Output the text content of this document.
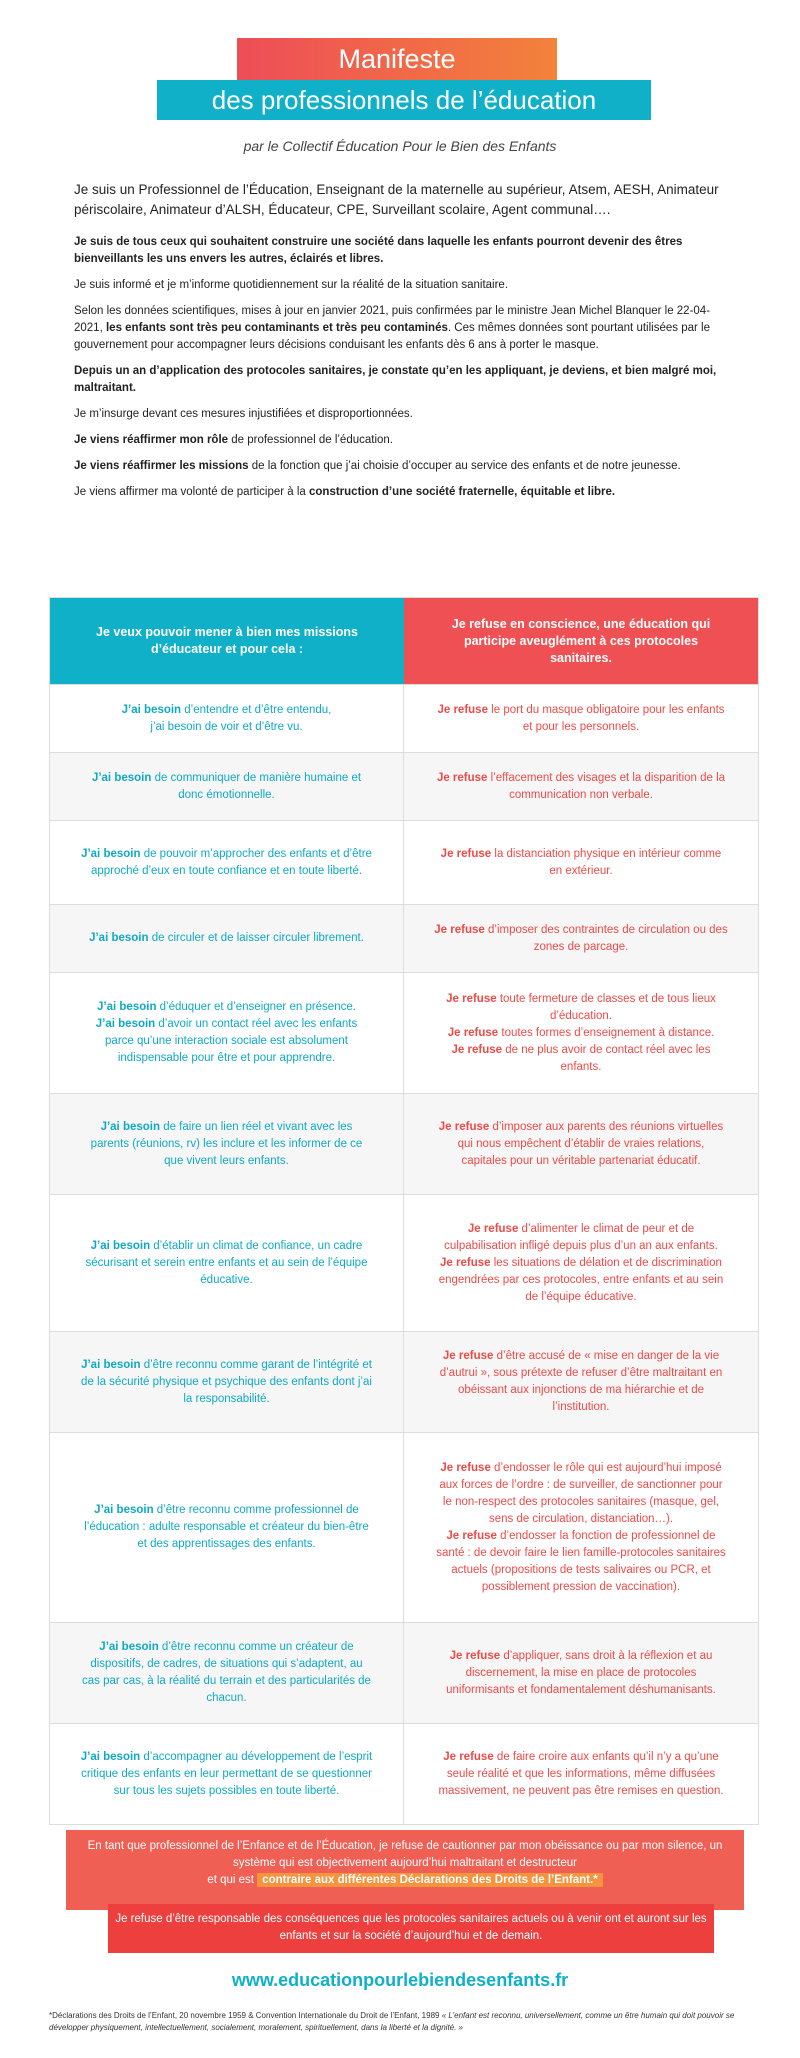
Manifeste
des professionnels de l’éducation
par le Collectif Éducation Pour le Bien des Enfants

Je suis un Professionnel de l’Éducation, Enseignant de la maternelle au supérieur, Atsem, AESH, Animateur périscolaire, Animateur d’ALSH, Éducateur, CPE, Surveillant scolaire, Agent communal….

Je suis de tous ceux qui souhaitent construire une société dans laquelle les enfants pourront devenir des êtres bienveillants les uns envers les autres, éclairés et libres.

Je suis informé et je m’informe quotidiennement sur la réalité de la situation sanitaire.

Selon les données scientifiques, mises à jour en janvier 2021, puis confirmées par le ministre Jean Michel Blanquer le 22-04-2021, les enfants sont très peu contaminants et très peu contaminés. Ces mêmes données sont pourtant utilisées par le gouvernement pour accompagner leurs décisions conduisant les enfants dès 6 ans à porter le masque.

Depuis un an d’application des protocoles sanitaires, je constate qu’en les appliquant, je deviens, et bien malgré moi, maltraitant.

Je m’insurge devant ces mesures injustifiées et disproportionnées.

Je viens réaffirmer mon rôle de professionnel de l’éducation.

Je viens réaffirmer les missions de la fonction que j’ai choisie d’occuper au service des enfants et de notre jeunesse.

Je viens affirmer ma volonté de participer à la construction d’une société fraternelle, équitable et libre.

Je veux pouvoir mener à bien mes missions d’éducateur et pour cela :
Je refuse en conscience, une éducation qui participe aveuglément à ces protocoles sanitaires.
J’ai besoin d’entendre et d’être entendu,
j’ai besoin de voir et d’être vu.
Je refuse le port du masque obligatoire pour les enfants et pour les personnels.
J’ai besoin de communiquer de manière humaine et donc émotionnelle.
Je refuse l’effacement des visages et la disparition de la communication non verbale.
J’ai besoin de pouvoir m’approcher des enfants et d’être approché d’eux en toute confiance et en toute liberté.
Je refuse la distanciation physique en intérieur comme en extérieur.
J’ai besoin de circuler et de laisser circuler librement.
Je refuse d’imposer des contraintes de circulation ou des zones de parcage.
J’ai besoin d’éduquer et d’enseigner en présence.
J’ai besoin d’avoir un contact réel avec les enfants parce qu’une interaction sociale est absolument indispensable pour être et pour apprendre.
Je refuse toute fermeture de classes et de tous lieux d’éducation.
Je refuse toutes formes d’enseignement à distance.
Je refuse de ne plus avoir de contact réel avec les enfants.
J’ai besoin de faire un lien réel et vivant avec les parents (réunions, rv) les inclure et les informer de ce que vivent leurs enfants.
Je refuse d’imposer aux parents des réunions virtuelles qui nous empêchent d’établir de vraies relations, capitales pour un véritable partenariat éducatif.
J’ai besoin d’établir un climat de confiance, un cadre sécurisant et serein entre enfants et au sein de l’équipe éducative.
Je refuse d’alimenter le climat de peur et de culpabilisation infligé depuis plus d’un an aux enfants.
Je refuse les situations de délation et de discrimination engendrées par ces protocoles, entre enfants et au sein de l’équipe éducative.
J’ai besoin d’être reconnu comme garant de l’intégrité et de la sécurité physique et psychique des enfants dont j’ai la responsabilité.
Je refuse d’être accusé de « mise en danger de la vie d’autrui », sous prétexte de refuser d’être maltraitant en obéissant aux injonctions de ma hiérarchie et de l’institution.
J’ai besoin d’être reconnu comme professionnel de l’éducation : adulte responsable et créateur du bien-être et des apprentissages des enfants.
Je refuse d’endosser le rôle qui est aujourd’hui imposé aux forces de l’ordre : de surveiller, de sanctionner pour le non-respect des protocoles sanitaires (masque, gel, sens de circulation, distanciation…).
Je refuse d’endosser la fonction de professionnel de santé : de devoir faire le lien famille-protocoles sanitaires actuels (propositions de tests salivaires ou PCR, et possiblement pression de vaccination).
J’ai besoin d’être reconnu comme un créateur de dispositifs, de cadres, de situations qui s’adaptent, au cas par cas, à la réalité du terrain et des particularités de chacun.
Je refuse d’appliquer, sans droit à la réflexion et au discernement, la mise en place de protocoles uniformisants et fondamentalement déshumanisants.
J’ai besoin d’accompagner au développement de l’esprit critique des enfants en leur permettant de se questionner sur tous les sujets possibles en toute liberté.
Je refuse de faire croire aux enfants qu’il n’y a qu’une seule réalité et que les informations, même diffusées massivement, ne peuvent pas être remises en question.
En tant que professionnel de l’Enfance et de l’Éducation, je refuse de cautionner par mon obéissance ou par mon silence, un système qui est objectivement aujourd’hui maltraitant et destructeur
et qui est contraire aux différentes Déclarations des Droits de l’Enfant.*
Je refuse d’être responsable des conséquences que les protocoles sanitaires actuels ou à venir ont et auront sur les enfants et sur la société d’aujourd’hui et de demain.
www.educationpourlebiendesenfants.fr
*Déclarations des Droits de l’Enfant, 20 novembre 1959 & Convention Internationale du Droit de l’Enfant, 1989 « L’enfant est reconnu, universellement, comme un être humain qui doit pouvoir se développer physiquement, intellectuellement, socialement, moralement, spirituellement, dans la liberté et la dignité. »
